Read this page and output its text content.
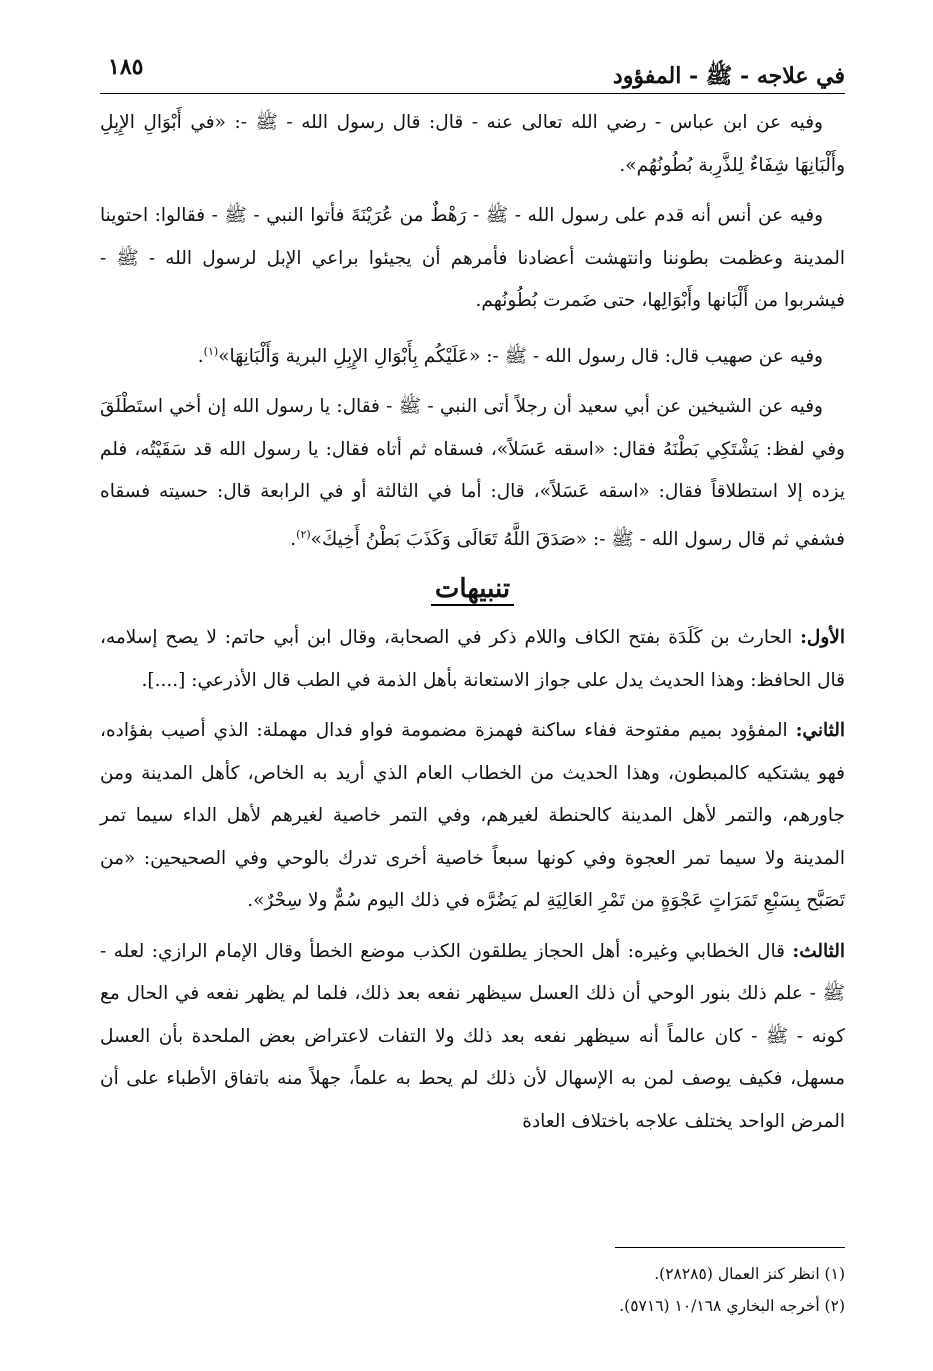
في علاجه - ﷺ - المفؤود
١٨٥

وفيه عن ابن عباس - رضي الله تعالى عنه - قال: قال رسول الله - ﷺ -: «في أَبْوَالِ الإِبِلِ وأَلْبَانِهَا شِفَاءٌ لِلذَّرِبة بُطُونُهُم».

وفيه عن أنس أنه قدم على رسول الله - ﷺ - رَهْطٌ من عُرَيْنَةَ فأتوا النبي - ﷺ - فقالوا: احتوينا المدينة وعظمت بطوننا وانتهشت أعضادنا فأمرهم أن يجيئوا براعي الإبل لرسول الله - ﷺ - فيشربوا من أَلْبَانها وأَبْوَالِها، حتى ضَمرت بُطُونُهم.

وفيه عن صهيب قال: قال رسول الله - ﷺ -: «عَلَيْكُم بِأَبْوَالِ الإِبِلِ البرية وَأَلْبَانِهَا»$^{(١)}$.

وفيه عن الشيخين عن أبي سعيد أن رجلاً أتى النبي - ﷺ - فقال: يا رسول الله إن أخي استَطْلَقَ وفي لفظ: يَشْتَكِي بَطْنَهُ فقال: «اسقه عَسَلاً»، فسقاه ثم أتاه فقال: يا رسول الله قد سَقَيْتُه، فلم يزده إلا استطلاقاً فقال: «اسقه عَسَلاً»، قال: أما في الثالثة أو في الرابعة قال: حسيته فسقاه فشفي ثم قال رسول الله - ﷺ -: «صَدَقَ اللَّهُ تَعَالَى وَكَذَبَ بَطْنُ أَخِيكَ»$^{(٢)}$.

تنبيهات

الأول: الحارث بن كَلَدَة بفتح الكاف واللام ذكر في الصحابة، وقال ابن أبي حاتم: لا يصح إسلامه، قال الحافظ: وهذا الحديث يدل على جواز الاستعانة بأهل الذمة في الطب قال الأذرعي: [....].

الثاني: المفؤود بميم مفتوحة ففاء ساكنة فهمزة مضمومة فواو فدال مهملة: الذي أصيب بفؤاده، فهو يشتكيه كالمبطون، وهذا الحديث من الخطاب العام الذي أريد به الخاص، كأهل المدينة ومن جاورهم، والتمر لأهل المدينة كالحنطة لغيرهم، وفي التمر خاصية لغيرهم لأهل الداء سيما تمر المدينة ولا سيما تمر العجوة وفي كونها سبعاً خاصية أخرى تدرك بالوحي وفي الصحيحين: «من تَصَبَّح بِسَبْعِ تَمَرَاتٍ عَجْوَةٍ من تَمْرِ العَالِيَةِ لم يَضُرَّه في ذلك اليوم سُمٌّ ولا سِحْرٌ».

الثالث: قال الخطابي وغيره: أهل الحجاز يطلقون الكذب موضع الخطأ وقال الإمام الرازي: لعله - ﷺ - علم ذلك بنور الوحي أن ذلك العسل سيظهر نفعه بعد ذلك، فلما لم يظهر نفعه في الحال مع كونه - ﷺ - كان عالماً أنه سيظهر نفعه بعد ذلك ولا التفات لاعتراض بعض الملحدة بأن العسل مسهل، فكيف يوصف لمن به الإسهال لأن ذلك لم يحط به علماً، جهلاً منه باتفاق الأطباء على أن المرض الواحد يختلف علاجه باختلاف العادة

(١) انظر كنز العمال (٢٨٢٨٥).
(٢) أخرجه البخاري ١٠/١٦٨ (٥٧١٦).
